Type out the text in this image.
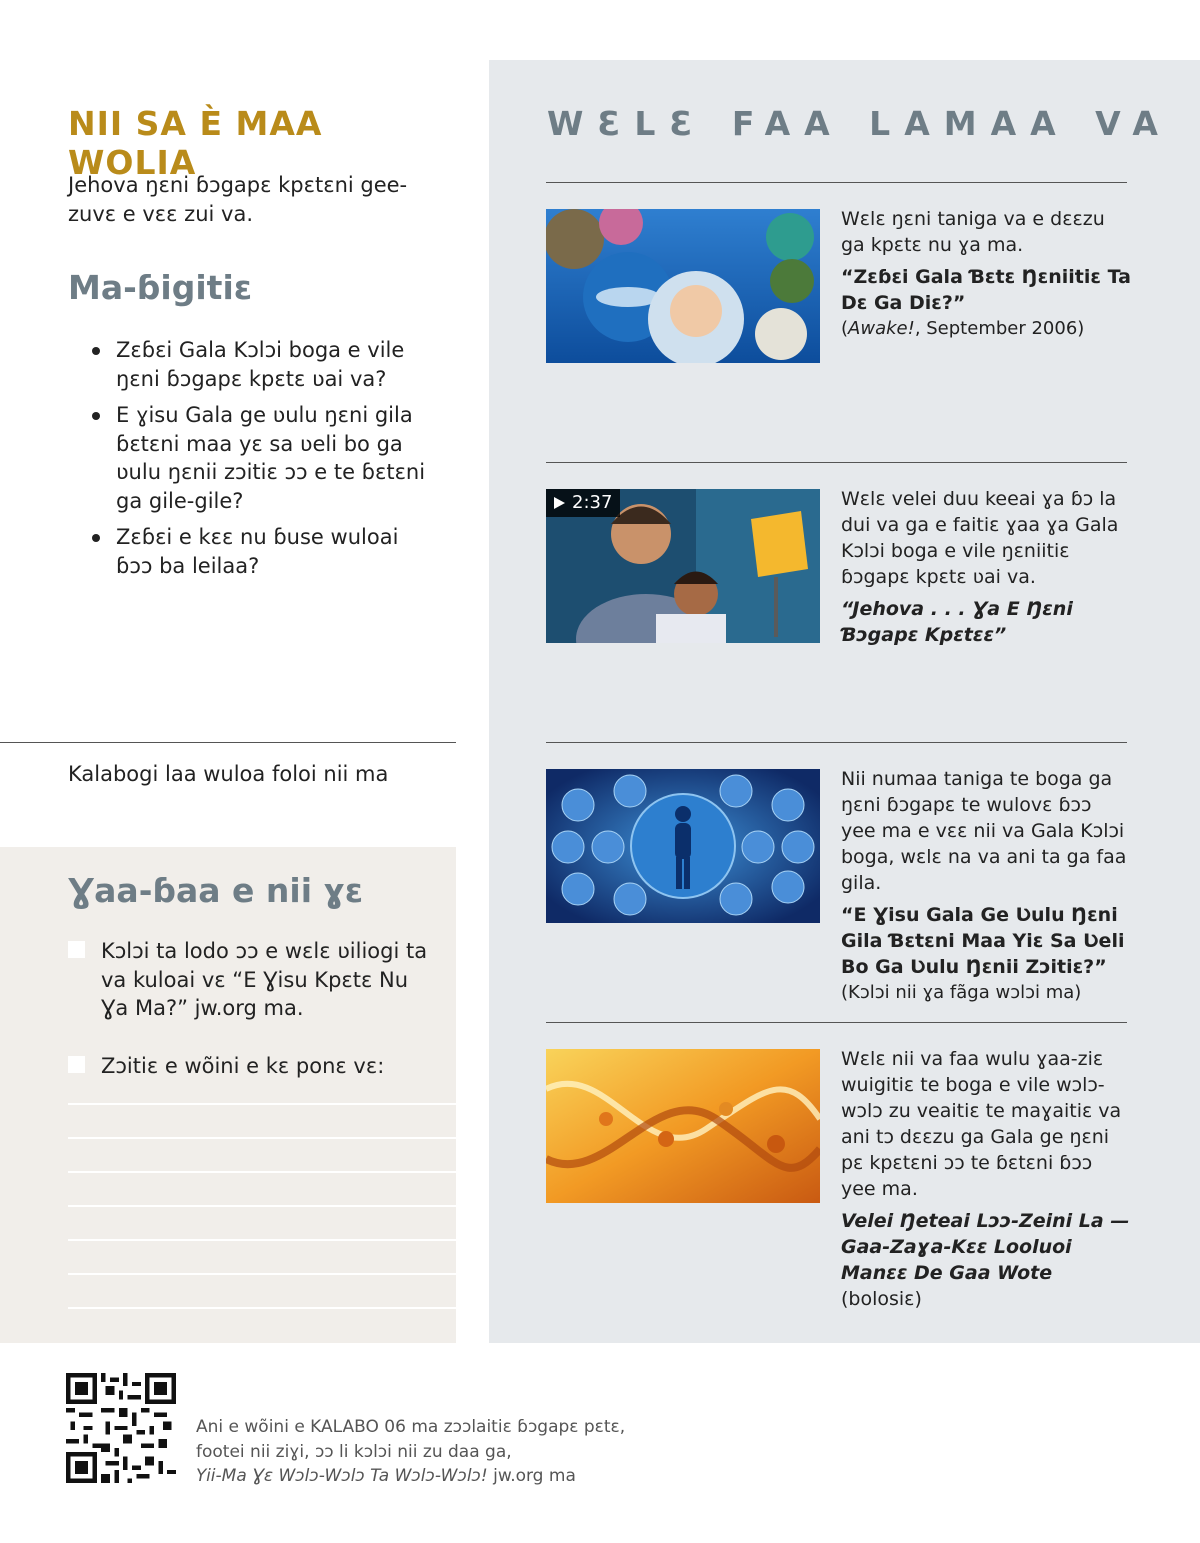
NII SA È MAA WOLIA

Jehova ŋɛni ɓɔgapɛ kpɛtɛni gee-zuvɛ e vɛɛ zui va.

Ma-ɓigitiɛ
Zɛɓɛi Gala Kɔlɔi boga e vile ŋɛni ɓɔgapɛ kpɛtɛ ʋai va?
E ɣisu Gala ge ʋulu ŋɛni gila ɓɛtɛni maa yɛ sa ʋeli bo ga ʋulu ŋɛnii zɔitiɛ ɔɔ e te ɓɛtɛni ga gile-gile?
Zɛɓɛi e kɛɛ nu ɓuse wuloai ɓɔɔ ba leilaa?

Kalabogi laa wuloa foloi nii ma

Ɣaa-ɓaa e nii ɣɛ
Kɔlɔi ta lodo ɔɔ e wɛlɛ ʋiliogi ta va kuloai vɛ “E Ɣisu Kpɛtɛ Nu Ɣa Ma?” jw.org ma.
Zɔitiɛ e wõini e kɛ ponɛ vɛ:
WƐLƐ FAA LAMAA VA
Wɛlɛ ŋɛni taniga va e dɛɛzu ga kpɛtɛ nu ɣa ma.
“Zɛɓɛi Gala Ɓɛtɛ Ŋɛniitiɛ Ta Dɛ Ga Diɛ?”
(Awake!, September 2006)
2:37	Wɛlɛ velei duu keeai ɣa ɓɔ la dui va ga e faitiɛ ɣaa ɣa Gala Kɔlɔi boga e vile ŋɛniitiɛ ɓɔgapɛ kpɛtɛ ʋai va.
“Jehova . . . Ɣa E Ŋɛni Ɓɔgapɛ Kpɛtɛɛ”
Nii numaa taniga te boga ga ŋɛni ɓɔgapɛ te wulovɛ ɓɔɔ yee ma e vɛɛ nii va Gala Kɔlɔi boga, wɛlɛ na va ani ta ga faa gila.
“E Ɣisu Gala Ge Ʋulu Ŋɛni Gila Ɓɛtɛni Maa Yiɛ Sa Ʋeli Bo Ga Ʋulu Ŋɛnii Zɔitiɛ?”
(Kɔlɔi nii ɣa fãga wɔlɔi ma)
Wɛlɛ nii va faa wulu ɣaa-ziɛ wuigitiɛ te boga e vile wɔlɔ-wɔlɔ zu veaitiɛ te maɣaitiɛ va ani tɔ dɛɛzu ga Gala ge ŋɛni pɛ kpɛtɛni ɔɔ te ɓɛtɛni ɓɔɔ yee ma.
Velei Ŋeteai Lɔɔ-Zeini La —Gaa-Zaɣa-Kɛɛ Looluoi Manɛɛ De Gaa Wote (bolosiɛ)
Ani e wõini e KALABO 06 ma zɔɔlaitiɛ ɓɔgapɛ pɛtɛ,
footei nii ziɣi, ɔɔ li kɔlɔi nii zu daa ga,
Yii-Ma Ɣɛ Wɔlɔ-Wɔlɔ Ta Wɔlɔ-Wɔlɔ! jw.org ma
